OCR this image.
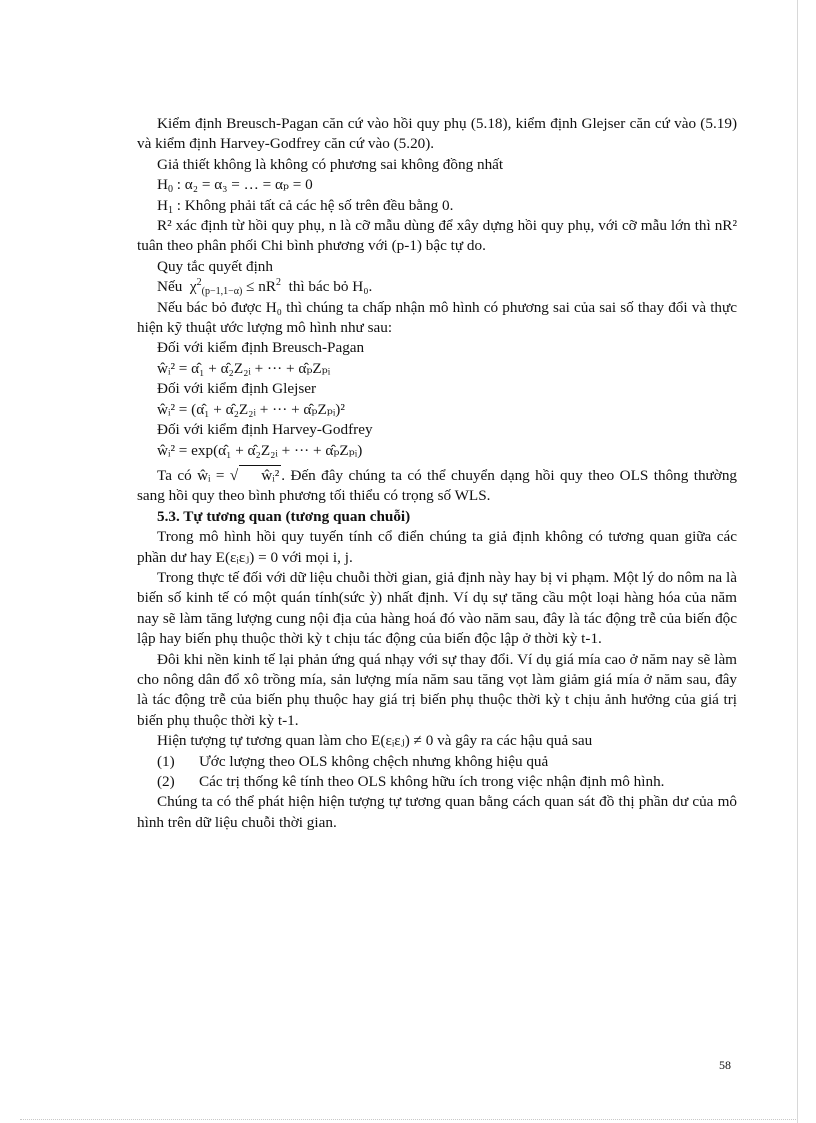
Kiểm định Breusch-Pagan căn cứ vào hồi quy phụ (5.18), kiểm định Glejser căn cứ vào (5.19) và kiểm định Harvey-Godfrey căn cứ vào (5.20).

Giả thiết không là không có phương sai không đồng nhất

$H_0$ : α₂ = α₃ = … = αₚ = 0

$H_1$ : Không phải tất cả các hệ số trên đều bằng 0.

R² xác định từ hồi quy phụ, n là cỡ mẫu dùng để xây dựng hồi quy phụ, với cỡ mẫu lớn thì nR² tuân theo phân phối Chi bình phương với (p-1) bậc tự do.

Quy tắc quyết định

Nếu $\chi^2_{(p-1,1-\alpha)} \le nR^2$ thì bác bỏ H₀.

Nếu bác bỏ được H₀ thì chúng ta chấp nhận mô hình có phương sai của sai số thay đổi và thực hiện kỹ thuật ước lượng mô hình như sau:

Đối với kiểm định Breusch-Pagan

ŵᵢ² = α̂₁ + α̂₂Z₂ᵢ + ··· + α̂ₚZₚᵢ

Đối với kiểm định Glejser

ŵᵢ² = (α̂₁ + α̂₂Z₂ᵢ + ··· + α̂ₚZₚᵢ)²

Đối với kiểm định Harvey-Godfrey

ŵᵢ² = exp(α̂₁ + α̂₂Z₂ᵢ + ··· + α̂ₚZₚᵢ)

Ta có ŵᵢ = √ ŵᵢ² . Đến đây chúng ta có thể chuyển dạng hồi quy theo OLS thông thường sang hồi quy theo bình phương tối thiểu có trọng số WLS.

5.3. Tự tương quan (tương quan chuỗi)

Trong mô hình hồi quy tuyến tính cổ điển chúng ta giả định không có tương quan giữa các phần dư hay E(εᵢεⱼ) = 0 với mọi i, j.

Trong thực tế đối với dữ liệu chuỗi thời gian, giả định này hay bị vi phạm. Một lý do nôm na là biến số kinh tế có một quán tính(sức ỳ) nhất định. Ví dụ sự tăng cầu một loại hàng hóa của năm nay sẽ làm tăng lượng cung nội địa của hàng hoá đó vào năm sau, đây là tác động trễ của biến độc lập hay biến phụ thuộc thời kỳ t chịu tác động của biến độc lập ở thời kỳ t-1.

Đôi khi nền kinh tế lại phản ứng quá nhạy với sự thay đổi. Ví dụ giá mía cao ở năm nay sẽ làm cho nông dân đổ xô trồng mía, sản lượng mía năm sau tăng vọt làm giảm giá mía ở năm sau, đây là tác động trễ của biến phụ thuộc hay giá trị biến phụ thuộc thời kỳ t chịu ảnh hưởng của giá trị biến phụ thuộc thời kỳ t-1.

Hiện tượng tự tương quan làm cho E(εᵢεⱼ) ≠ 0 và gây ra các hậu quả sau

(1)	Ước lượng theo OLS không chệch nhưng không hiệu quả
(2)	Các trị thống kê tính theo OLS không hữu ích trong việc nhận định mô hình.

Chúng ta có thể phát hiện hiện tượng tự tương quan bằng cách quan sát đồ thị phần dư của mô hình trên dữ liệu chuỗi thời gian.

58
